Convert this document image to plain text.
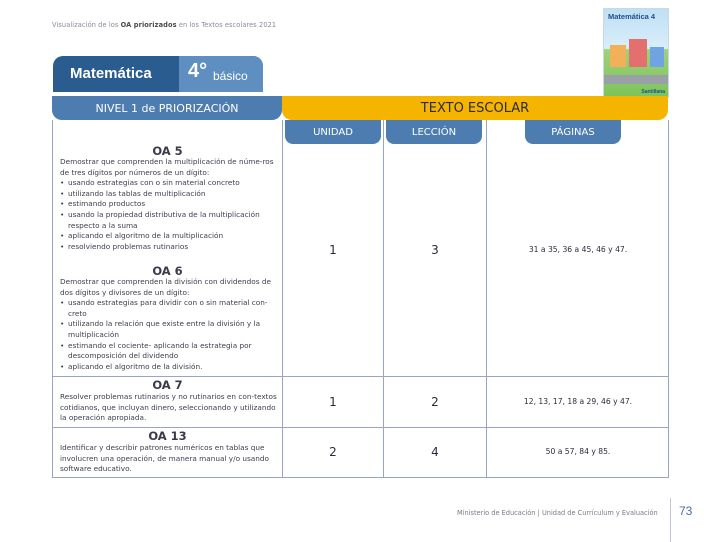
Visualización de los OA priorizados en los Textos escolares 2021
Matemática 4
Santillana
Matemática 4° básico
NIVEL 1 de PRIORIZACIÓN	TEXTO ESCOLAR
UNIDAD	LECCIÓN	PÁGINAS
OA 5
Demostrar que comprenden la multiplicación de núme-ros de tres dígitos por números de un dígito:
• usando estrategias con o sin material concreto
• utilizando las tablas de multiplicación
• estimando productos
• usando la propiedad distributiva de la multiplicación respecto a la suma
• aplicando el algoritmo de la multiplicación
• resolviendo problemas rutinarios
OA 6
Demostrar que comprenden la división con dividendos de dos dígitos y divisores de un dígito:
• usando estrategias para dividir con o sin material con-creto
• utilizando la relación que existe entre la división y la multiplicación
• estimando el cociente- aplicando la estrategia por descomposición del dividendo
• aplicando el algoritmo de la división.
1	3	31 a 35, 36 a 45, 46 y 47.
OA 7
Resolver problemas rutinarios y no rutinarios en con-textos cotidianos, que incluyan dinero, seleccionando y utilizando la operación apropiada.
1	2	12, 13, 17, 18 a 29, 46 y 47.
OA 13
Identificar y describir patrones numéricos en tablas que involucren una operación, de manera manual y/o usando software educativo.
2	4	50 a 57, 84 y 85.
Ministerio de Educación | Unidad de Currículum y Evaluación 73
